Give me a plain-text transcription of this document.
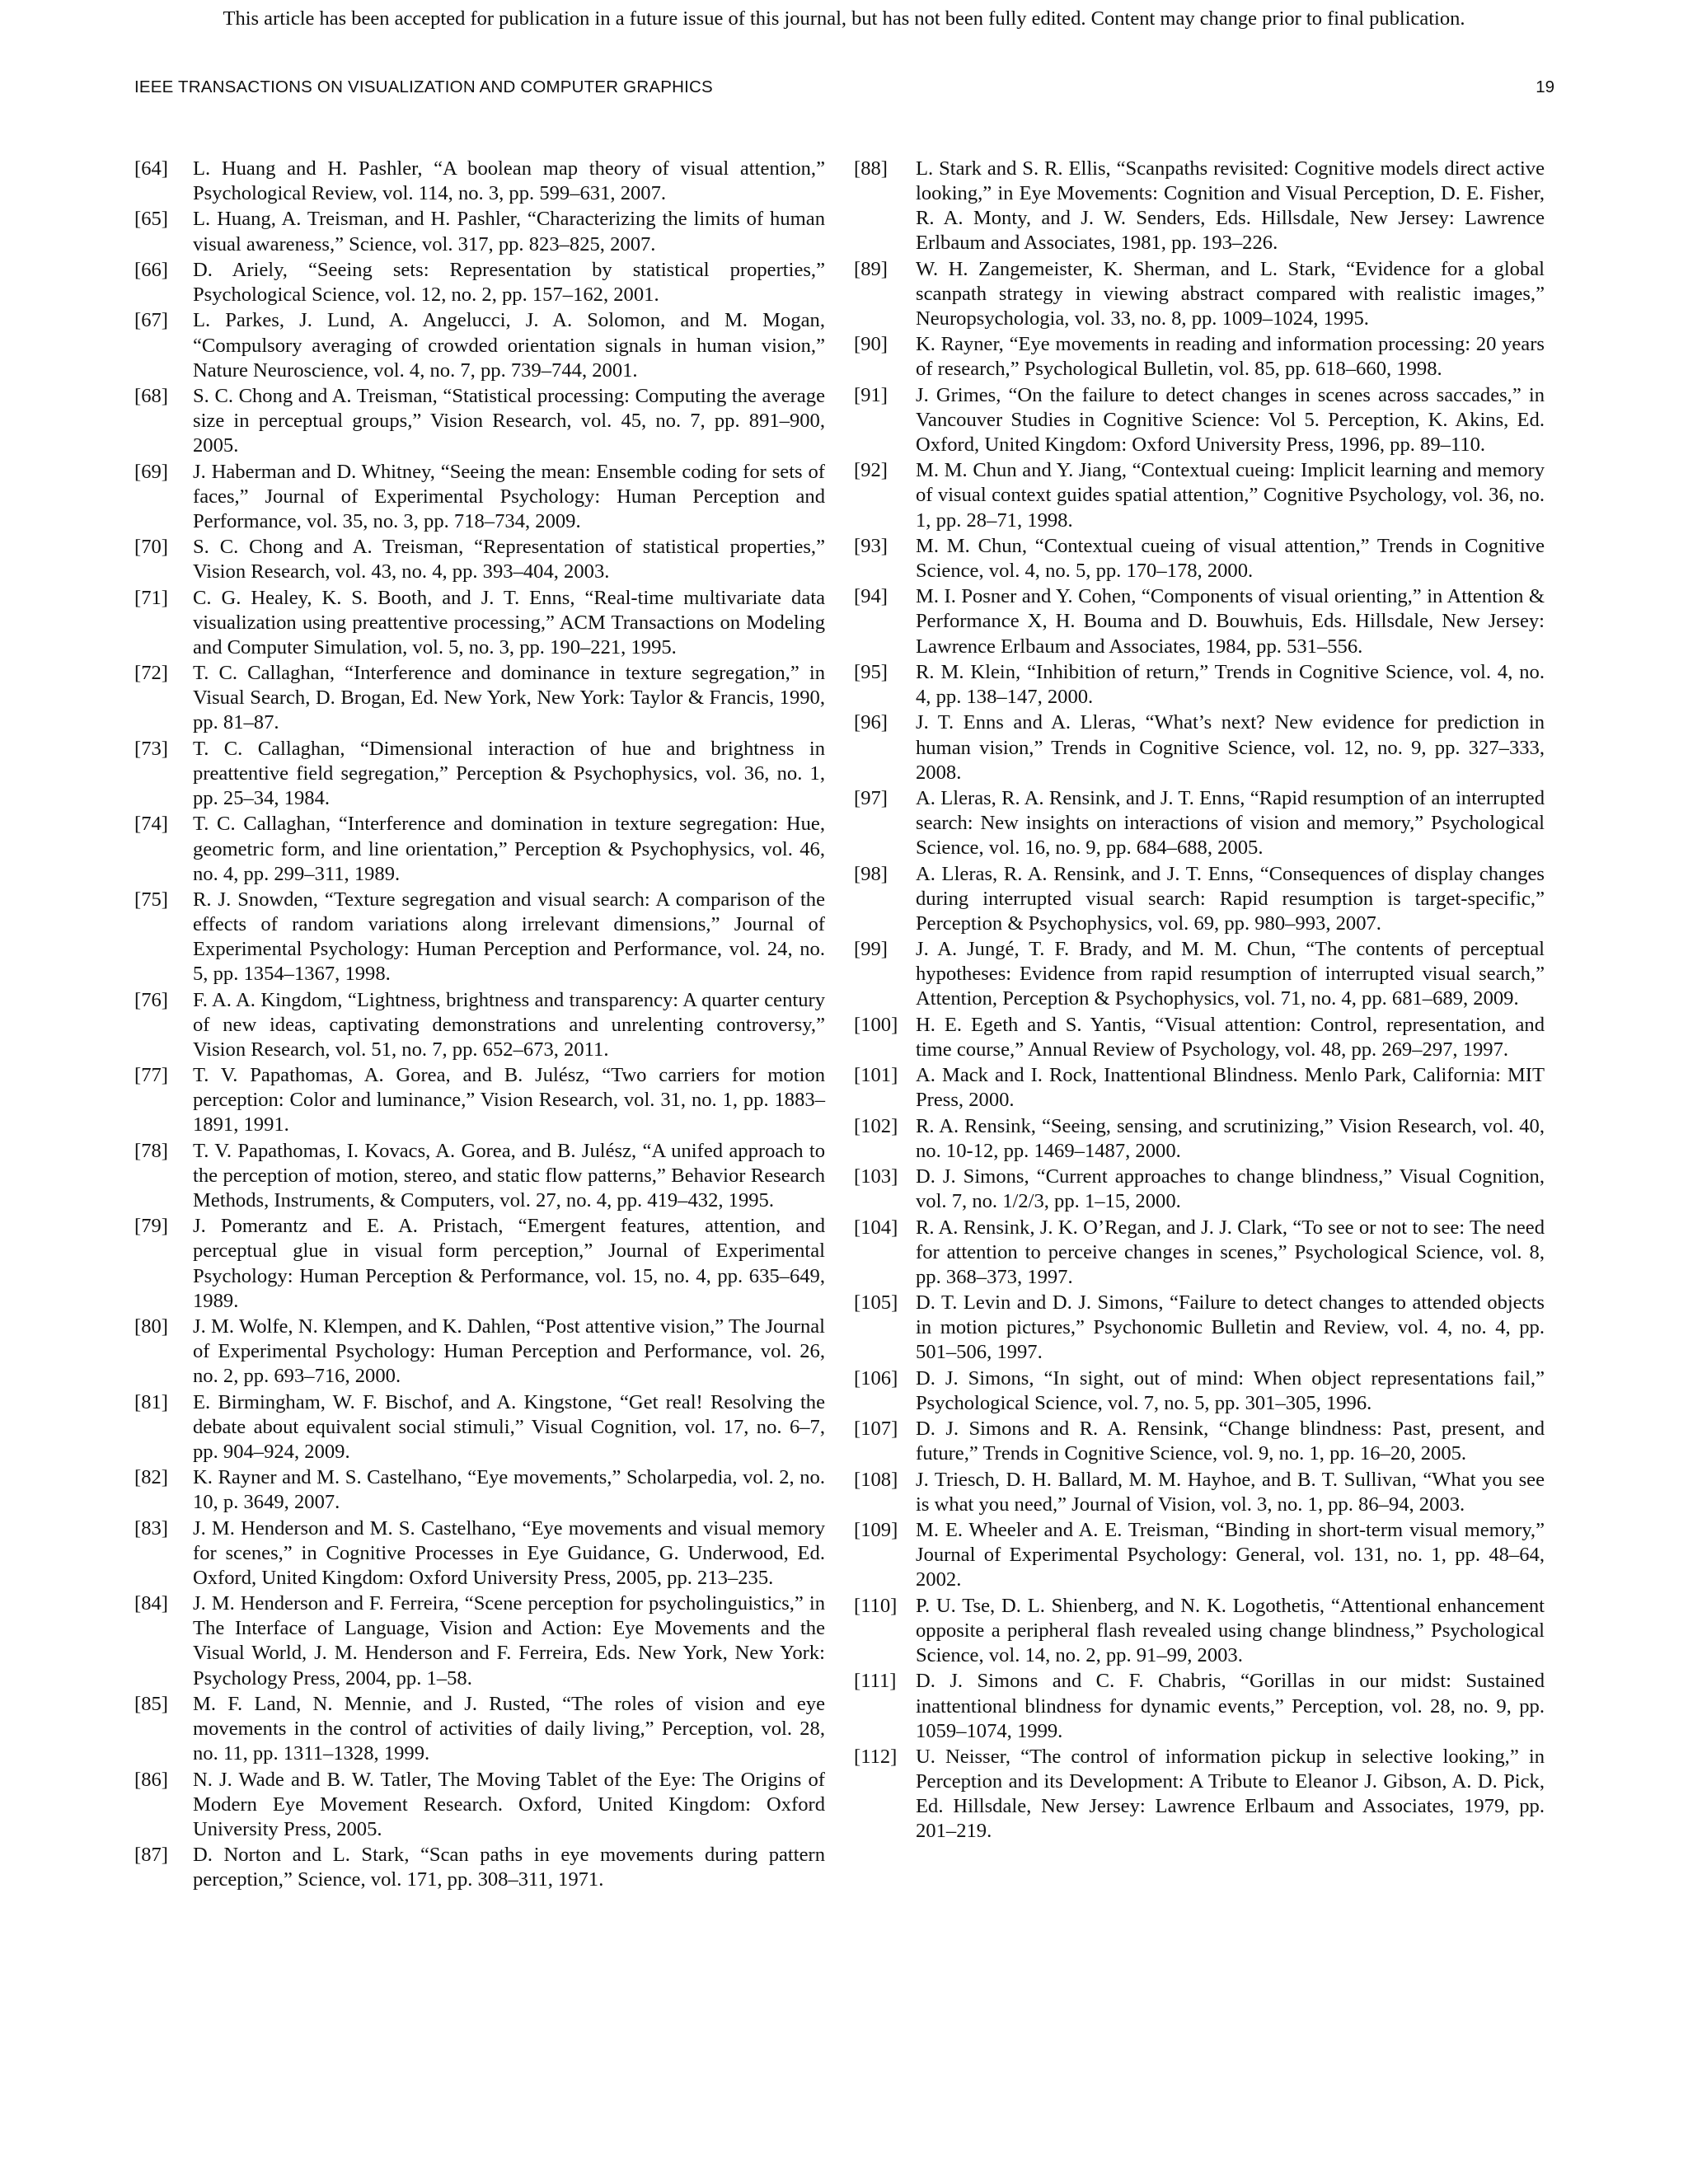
This article has been accepted for publication in a future issue of this journal, but has not been fully edited. Content may change prior to final publication.
IEEE TRANSACTIONS ON VISUALIZATION AND COMPUTER GRAPHICS	19
[64] L. Huang and H. Pashler, “A boolean map theory of visual attention,” Psychological Review, vol. 114, no. 3, pp. 599–631, 2007.
[65] L. Huang, A. Treisman, and H. Pashler, “Characterizing the limits of human visual awareness,” Science, vol. 317, pp. 823–825, 2007.
[66] D. Ariely, “Seeing sets: Representation by statistical properties,” Psychological Science, vol. 12, no. 2, pp. 157–162, 2001.
[67] L. Parkes, J. Lund, A. Angelucci, J. A. Solomon, and M. Mogan, “Compulsory averaging of crowded orientation signals in human vision,” Nature Neuroscience, vol. 4, no. 7, pp. 739–744, 2001.
[68] S. C. Chong and A. Treisman, “Statistical processing: Computing the average size in perceptual groups,” Vision Research, vol. 45, no. 7, pp. 891–900, 2005.
[69] J. Haberman and D. Whitney, “Seeing the mean: Ensemble coding for sets of faces,” Journal of Experimental Psychology: Human Perception and Performance, vol. 35, no. 3, pp. 718–734, 2009.
[70] S. C. Chong and A. Treisman, “Representation of statistical properties,” Vision Research, vol. 43, no. 4, pp. 393–404, 2003.
[71] C. G. Healey, K. S. Booth, and J. T. Enns, “Real-time multivariate data visualization using preattentive processing,” ACM Transactions on Modeling and Computer Simulation, vol. 5, no. 3, pp. 190–221, 1995.
[72] T. C. Callaghan, “Interference and dominance in texture segregation,” in Visual Search, D. Brogan, Ed. New York, New York: Taylor & Francis, 1990, pp. 81–87.
[73] T. C. Callaghan, “Dimensional interaction of hue and brightness in preattentive field segregation,” Perception & Psychophysics, vol. 36, no. 1, pp. 25–34, 1984.
[74] T. C. Callaghan, “Interference and domination in texture segregation: Hue, geometric form, and line orientation,” Perception & Psychophysics, vol. 46, no. 4, pp. 299–311, 1989.
[75] R. J. Snowden, “Texture segregation and visual search: A comparison of the effects of random variations along irrelevant dimensions,” Journal of Experimental Psychology: Human Perception and Performance, vol. 24, no. 5, pp. 1354–1367, 1998.
[76] F. A. A. Kingdom, “Lightness, brightness and transparency: A quarter century of new ideas, captivating demonstrations and unrelenting controversy,” Vision Research, vol. 51, no. 7, pp. 652–673, 2011.
[77] T. V. Papathomas, A. Gorea, and B. Julész, “Two carriers for motion perception: Color and luminance,” Vision Research, vol. 31, no. 1, pp. 1883–1891, 1991.
[78] T. V. Papathomas, I. Kovacs, A. Gorea, and B. Julész, “A unifed approach to the perception of motion, stereo, and static flow patterns,” Behavior Research Methods, Instruments, & Computers, vol. 27, no. 4, pp. 419–432, 1995.
[79] J. Pomerantz and E. A. Pristach, “Emergent features, attention, and perceptual glue in visual form perception,” Journal of Experimental Psychology: Human Perception & Performance, vol. 15, no. 4, pp. 635–649, 1989.
[80] J. M. Wolfe, N. Klempen, and K. Dahlen, “Post attentive vision,” The Journal of Experimental Psychology: Human Perception and Performance, vol. 26, no. 2, pp. 693–716, 2000.
[81] E. Birmingham, W. F. Bischof, and A. Kingstone, “Get real! Resolving the debate about equivalent social stimuli,” Visual Cognition, vol. 17, no. 6–7, pp. 904–924, 2009.
[82] K. Rayner and M. S. Castelhano, “Eye movements,” Scholarpedia, vol. 2, no. 10, p. 3649, 2007.
[83] J. M. Henderson and M. S. Castelhano, “Eye movements and visual memory for scenes,” in Cognitive Processes in Eye Guidance, G. Underwood, Ed. Oxford, United Kingdom: Oxford University Press, 2005, pp. 213–235.
[84] J. M. Henderson and F. Ferreira, “Scene perception for psycholinguistics,” in The Interface of Language, Vision and Action: Eye Movements and the Visual World, J. M. Henderson and F. Ferreira, Eds. New York, New York: Psychology Press, 2004, pp. 1–58.
[85] M. F. Land, N. Mennie, and J. Rusted, “The roles of vision and eye movements in the control of activities of daily living,” Perception, vol. 28, no. 11, pp. 1311–1328, 1999.
[86] N. J. Wade and B. W. Tatler, The Moving Tablet of the Eye: The Origins of Modern Eye Movement Research. Oxford, United Kingdom: Oxford University Press, 2005.
[87] D. Norton and L. Stark, “Scan paths in eye movements during pattern perception,” Science, vol. 171, pp. 308–311, 1971.
[88] L. Stark and S. R. Ellis, “Scanpaths revisited: Cognitive models direct active looking,” in Eye Movements: Cognition and Visual Perception, D. E. Fisher, R. A. Monty, and J. W. Senders, Eds. Hillsdale, New Jersey: Lawrence Erlbaum and Associates, 1981, pp. 193–226.
[89] W. H. Zangemeister, K. Sherman, and L. Stark, “Evidence for a global scanpath strategy in viewing abstract compared with realistic images,” Neuropsychologia, vol. 33, no. 8, pp. 1009–1024, 1995.
[90] K. Rayner, “Eye movements in reading and information processing: 20 years of research,” Psychological Bulletin, vol. 85, pp. 618–660, 1998.
[91] J. Grimes, “On the failure to detect changes in scenes across saccades,” in Vancouver Studies in Cognitive Science: Vol 5. Perception, K. Akins, Ed. Oxford, United Kingdom: Oxford University Press, 1996, pp. 89–110.
[92] M. M. Chun and Y. Jiang, “Contextual cueing: Implicit learning and memory of visual context guides spatial attention,” Cognitive Psychology, vol. 36, no. 1, pp. 28–71, 1998.
[93] M. M. Chun, “Contextual cueing of visual attention,” Trends in Cognitive Science, vol. 4, no. 5, pp. 170–178, 2000.
[94] M. I. Posner and Y. Cohen, “Components of visual orienting,” in Attention & Performance X, H. Bouma and D. Bouwhuis, Eds. Hillsdale, New Jersey: Lawrence Erlbaum and Associates, 1984, pp. 531–556.
[95] R. M. Klein, “Inhibition of return,” Trends in Cognitive Science, vol. 4, no. 4, pp. 138–147, 2000.
[96] J. T. Enns and A. Lleras, “What’s next? New evidence for prediction in human vision,” Trends in Cognitive Science, vol. 12, no. 9, pp. 327–333, 2008.
[97] A. Lleras, R. A. Rensink, and J. T. Enns, “Rapid resumption of an interrupted search: New insights on interactions of vision and memory,” Psychological Science, vol. 16, no. 9, pp. 684–688, 2005.
[98] A. Lleras, R. A. Rensink, and J. T. Enns, “Consequences of display changes during interrupted visual search: Rapid resumption is target-specific,” Perception & Psychophysics, vol. 69, pp. 980–993, 2007.
[99] J. A. Jungé, T. F. Brady, and M. M. Chun, “The contents of perceptual hypotheses: Evidence from rapid resumption of interrupted visual search,” Attention, Perception & Psychophysics, vol. 71, no. 4, pp. 681–689, 2009.
[100] H. E. Egeth and S. Yantis, “Visual attention: Control, representation, and time course,” Annual Review of Psychology, vol. 48, pp. 269–297, 1997.
[101] A. Mack and I. Rock, Inattentional Blindness. Menlo Park, California: MIT Press, 2000.
[102] R. A. Rensink, “Seeing, sensing, and scrutinizing,” Vision Research, vol. 40, no. 10-12, pp. 1469–1487, 2000.
[103] D. J. Simons, “Current approaches to change blindness,” Visual Cognition, vol. 7, no. 1/2/3, pp. 1–15, 2000.
[104] R. A. Rensink, J. K. O’Regan, and J. J. Clark, “To see or not to see: The need for attention to perceive changes in scenes,” Psychological Science, vol. 8, pp. 368–373, 1997.
[105] D. T. Levin and D. J. Simons, “Failure to detect changes to attended objects in motion pictures,” Psychonomic Bulletin and Review, vol. 4, no. 4, pp. 501–506, 1997.
[106] D. J. Simons, “In sight, out of mind: When object representations fail,” Psychological Science, vol. 7, no. 5, pp. 301–305, 1996.
[107] D. J. Simons and R. A. Rensink, “Change blindness: Past, present, and future,” Trends in Cognitive Science, vol. 9, no. 1, pp. 16–20, 2005.
[108] J. Triesch, D. H. Ballard, M. M. Hayhoe, and B. T. Sullivan, “What you see is what you need,” Journal of Vision, vol. 3, no. 1, pp. 86–94, 2003.
[109] M. E. Wheeler and A. E. Treisman, “Binding in short-term visual memory,” Journal of Experimental Psychology: General, vol. 131, no. 1, pp. 48–64, 2002.
[110] P. U. Tse, D. L. Shienberg, and N. K. Logothetis, “Attentional enhancement opposite a peripheral flash revealed using change blindness,” Psychological Science, vol. 14, no. 2, pp. 91–99, 2003.
[111] D. J. Simons and C. F. Chabris, “Gorillas in our midst: Sustained inattentional blindness for dynamic events,” Perception, vol. 28, no. 9, pp. 1059–1074, 1999.
[112] U. Neisser, “The control of information pickup in selective looking,” in Perception and its Development: A Tribute to Eleanor J. Gibson, A. D. Pick, Ed. Hillsdale, New Jersey: Lawrence Erlbaum and Associates, 1979, pp. 201–219.
